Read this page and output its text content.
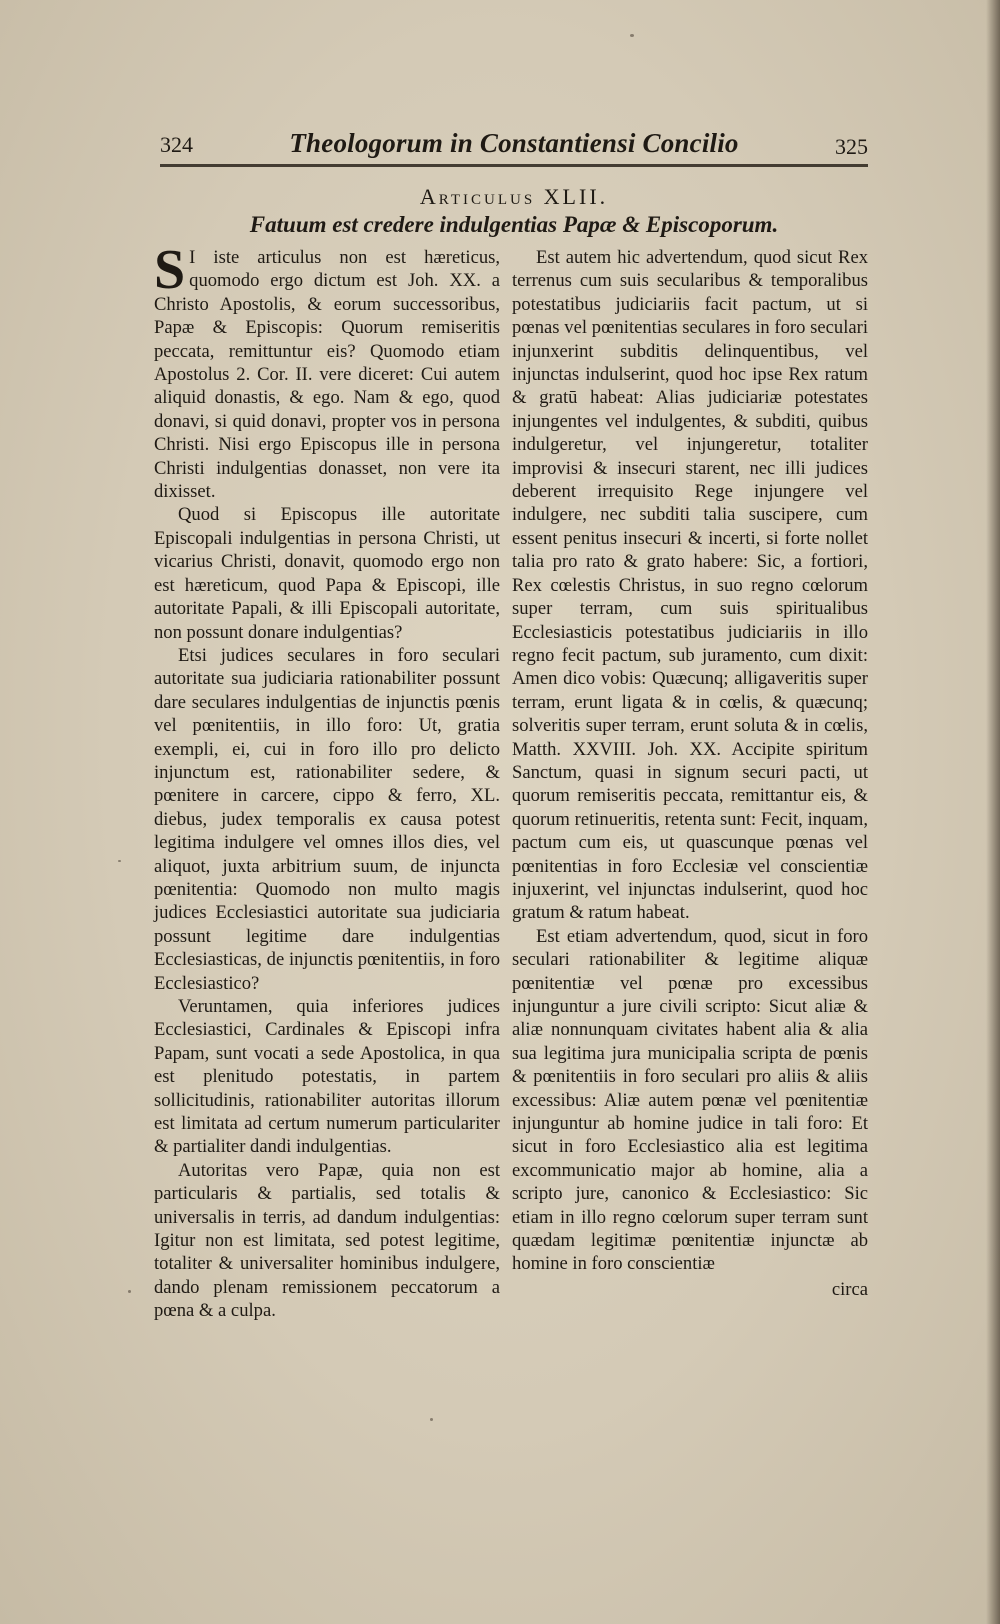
324	Theologorum in Constantiensi Concilio	325
Articulus XLII.
Fatuum est credere indulgentias Papæ & Episcoporum.

S I iste articulus non est hæreticus, quomodo ergo dictum est Joh. XX. a Christo Apostolis, & eorum successoribus, Papæ & Episcopis: Quorum remiseritis peccata, remittuntur eis? Quomodo etiam Apostolus 2. Cor. II. vere diceret: Cui autem aliquid donastis, & ego. Nam & ego, quod donavi, si quid donavi, propter vos in persona Christi. Nisi ergo Episcopus ille in persona Christi indulgentias donasset, non vere ita dixisset.

Quod si Episcopus ille autoritate Episcopali indulgentias in persona Christi, ut vicarius Christi, donavit, quomodo ergo non est hæreticum, quod Papa & Episcopi, ille autoritate Papali, & illi Episcopali autoritate, non possunt donare indulgentias?

Etsi judices seculares in foro seculari autoritate sua judiciaria rationabiliter possunt dare seculares indulgentias de injunctis pœnis vel pœnitentiis, in illo foro: Ut, gratia exempli, ei, cui in foro illo pro delicto injunctum est, rationabiliter sedere, & pœnitere in carcere, cippo & ferro, XL. diebus, judex temporalis ex causa potest legitima indulgere vel omnes illos dies, vel aliquot, juxta arbitrium suum, de injuncta pœnitentia: Quomodo non multo magis judices Ecclesiastici autoritate sua judiciaria possunt legitime dare indulgentias Ecclesiasticas, de injunctis pœnitentiis, in foro Ecclesiastico?

Veruntamen, quia inferiores judices Ecclesiastici, Cardinales & Episcopi infra Papam, sunt vocati a sede Apostolica, in qua est plenitudo potestatis, in partem sollicitudinis, rationabiliter autoritas illorum est limitata ad certum numerum particulariter & partialiter dandi indulgentias.

Autoritas vero Papæ, quia non est particularis & partialis, sed totalis & universalis in terris, ad dandum indulgentias: Igitur non est limitata, sed potest legitime, totaliter & universaliter hominibus indulgere, dando plenam remissionem peccatorum a pœna & a culpa.

Est autem hic advertendum, quod sicut Rex terrenus cum suis secularibus & temporalibus potestatibus judiciariis facit pactum, ut si pœnas vel pœnitentias seculares in foro seculari injunxerint subditis delinquentibus, vel injunctas indulserint, quod hoc ipse Rex ratum & gratū habeat: Alias judiciariæ potestates injungentes vel indulgentes, & subditi, quibus indulgeretur, vel injungeretur, totaliter improvisi & insecuri starent, nec illi judices deberent irrequisito Rege injungere vel indulgere, nec subditi talia suscipere, cum essent penitus insecuri & incerti, si forte nollet talia pro rato & grato habere: Sic, a fortiori, Rex cœlestis Christus, in suo regno cœlorum super terram, cum suis spiritualibus Ecclesiasticis potestatibus judiciariis in illo regno fecit pactum, sub juramento, cum dixit: Amen dico vobis: Quæcunq; alligaveritis super terram, erunt ligata & in cœlis, & quæcunq; solveritis super terram, erunt soluta & in cœlis, Matth. XXVIII. Joh. XX. Accipite spiritum Sanctum, quasi in signum securi pacti, ut quorum remiseritis peccata, remittantur eis, & quorum retinueritis, retenta sunt: Fecit, inquam, pactum cum eis, ut quascunque pœnas vel pœnitentias in foro Ecclesiæ vel conscientiæ injuxerint, vel injunctas indulserint, quod hoc gratum & ratum habeat.

Est etiam advertendum, quod, sicut in foro seculari rationabiliter & legitime aliquæ pœnitentiæ vel pœnæ pro excessibus injunguntur a jure civili scripto: Sicut aliæ & aliæ nonnunquam civitates habent alia & alia sua legitima jura municipalia scripta de pœnis & pœnitentiis in foro seculari pro aliis & aliis excessibus: Aliæ autem pœnæ vel pœnitentiæ injunguntur ab homine judice in tali foro: Et sicut in foro Ecclesiastico alia est legitima excommunicatio major ab homine, alia a scripto jure, canonico & Ecclesiastico: Sic etiam in illo regno cœlorum super terram sunt quædam legitimæ pœnitentiæ injunctæ ab homine in foro conscientiæ

circa
